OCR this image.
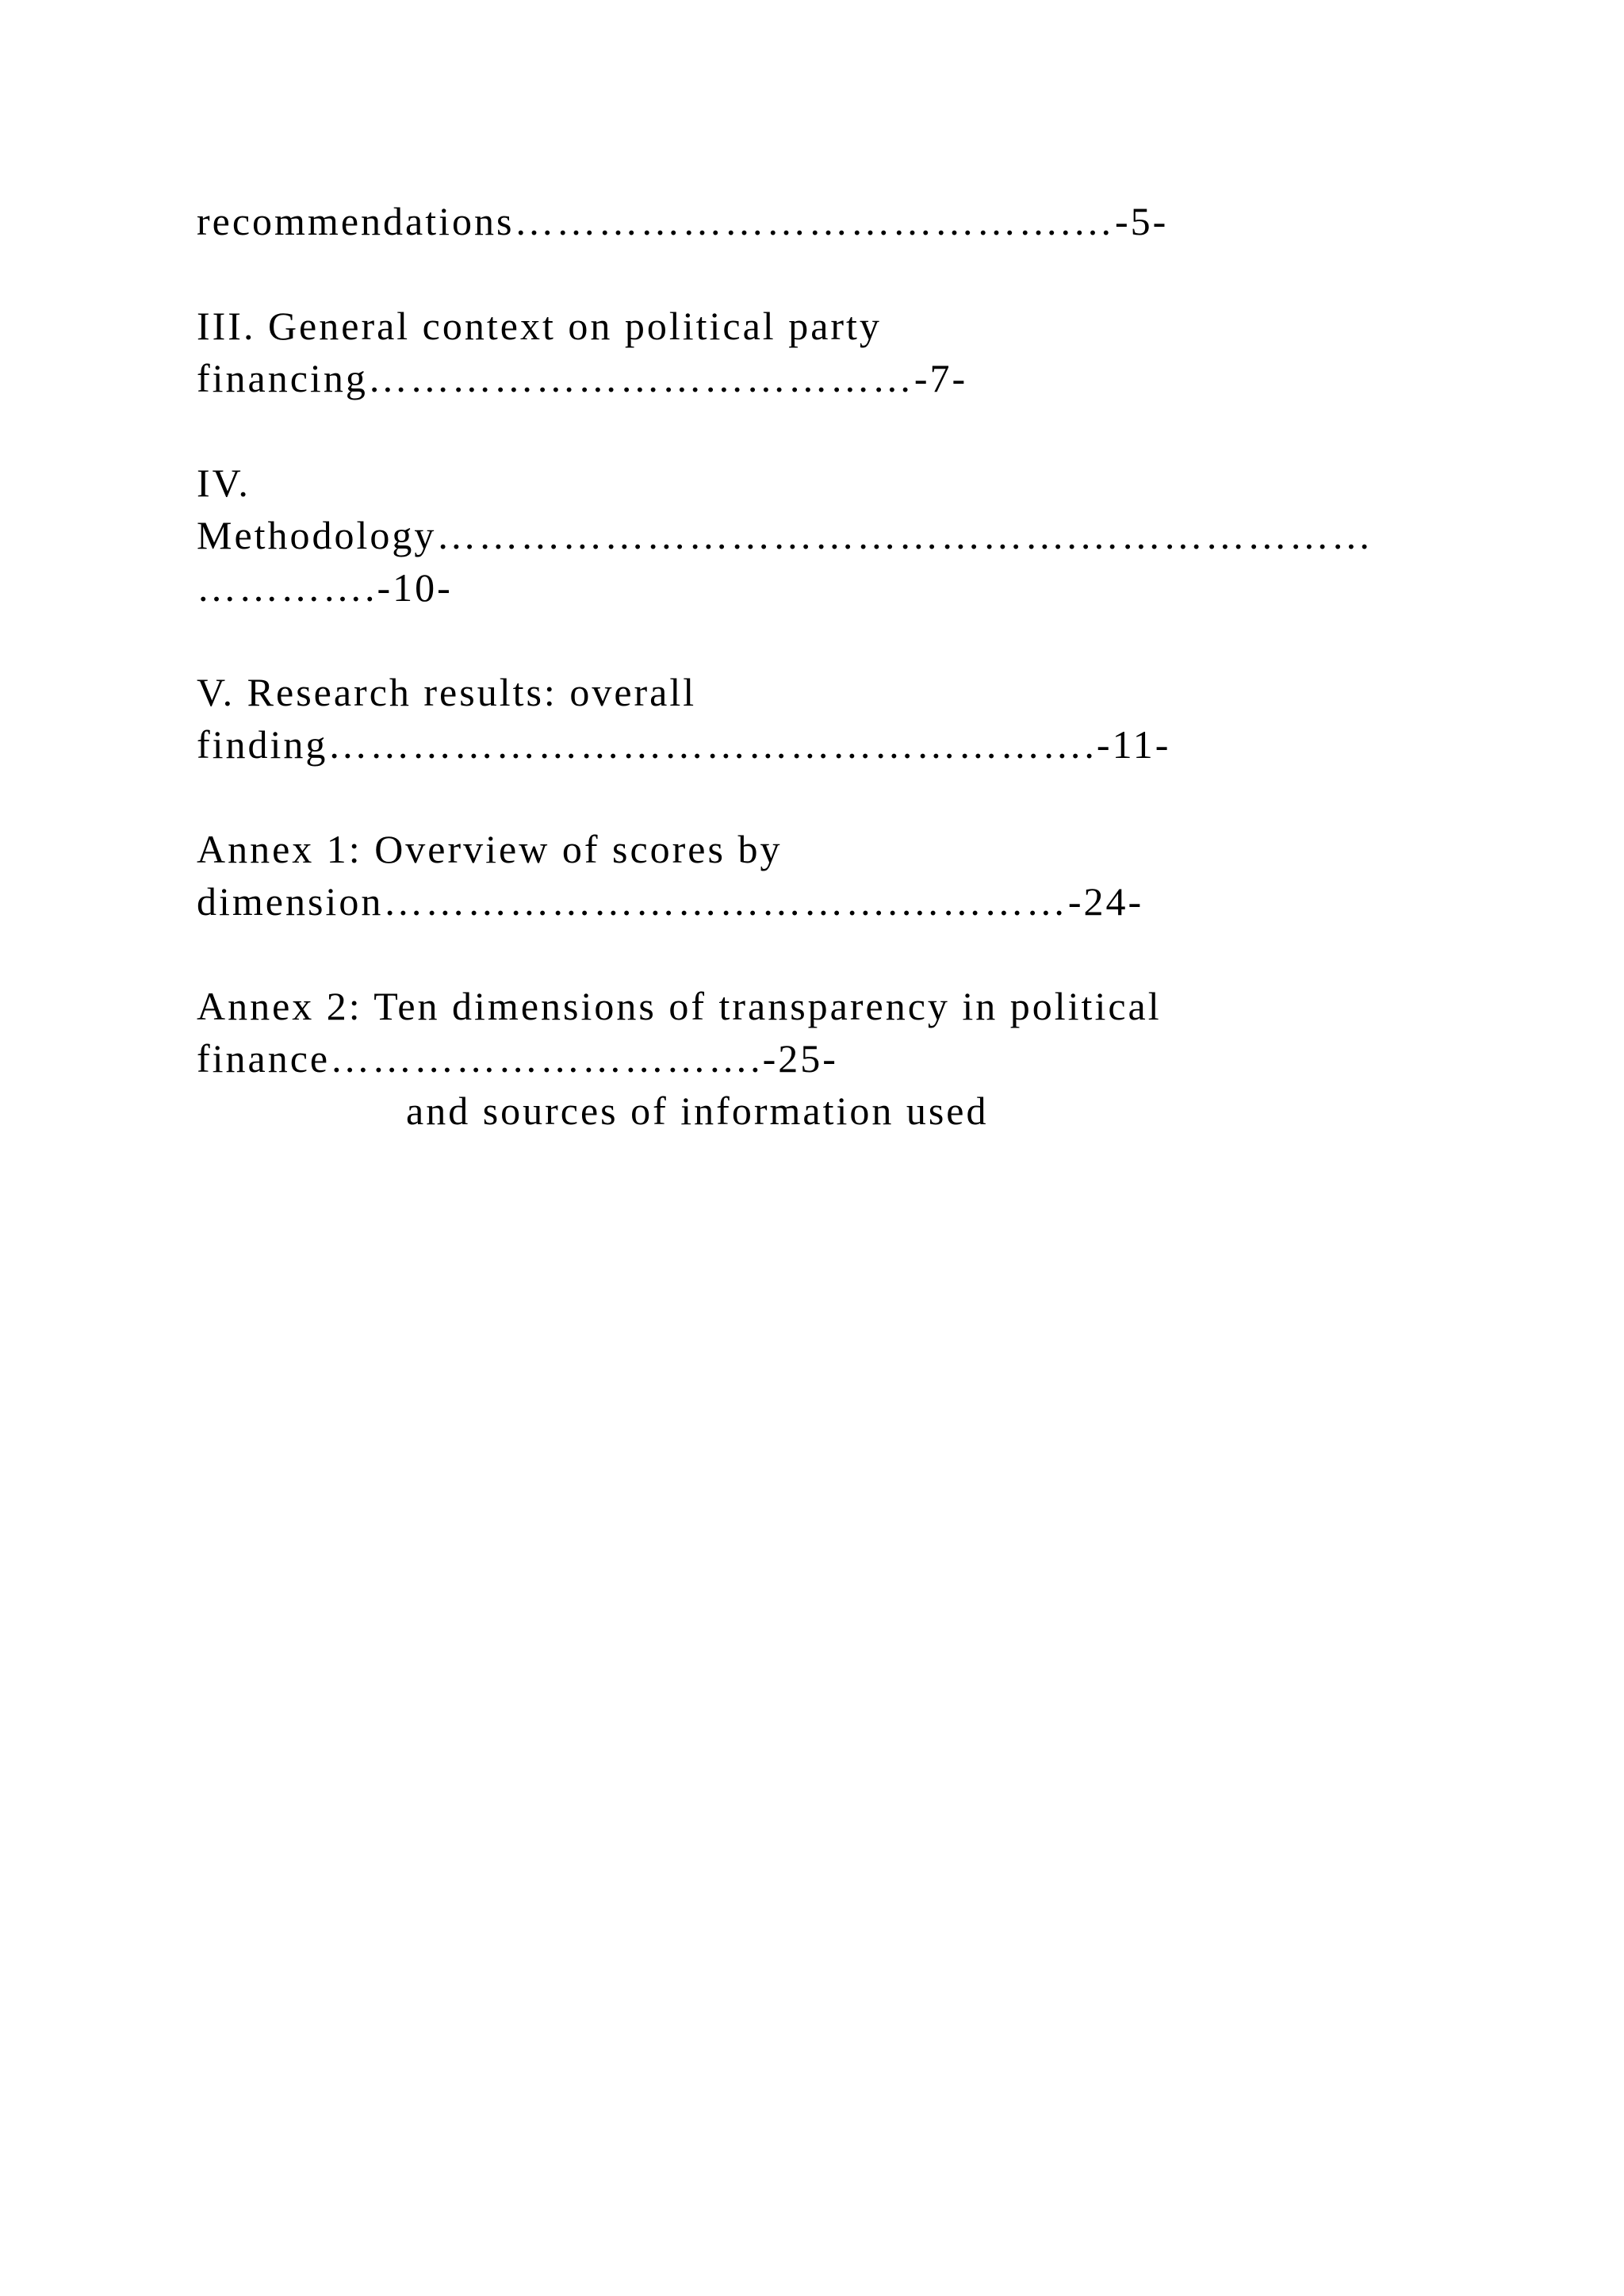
recommendations………………………………….…-5-
III. General context on political party
financing…………………………………-7-
IV.
Methodology……………………………………….…………………
………….-10-
V. Research results: overall
finding……………………………………………….-11-
Annex 1: Overview of scores by
dimension……………………………….…………-24-
Annex 2: Ten dimensions of transparency in political
finance………………………….-25-
and sources of information used
